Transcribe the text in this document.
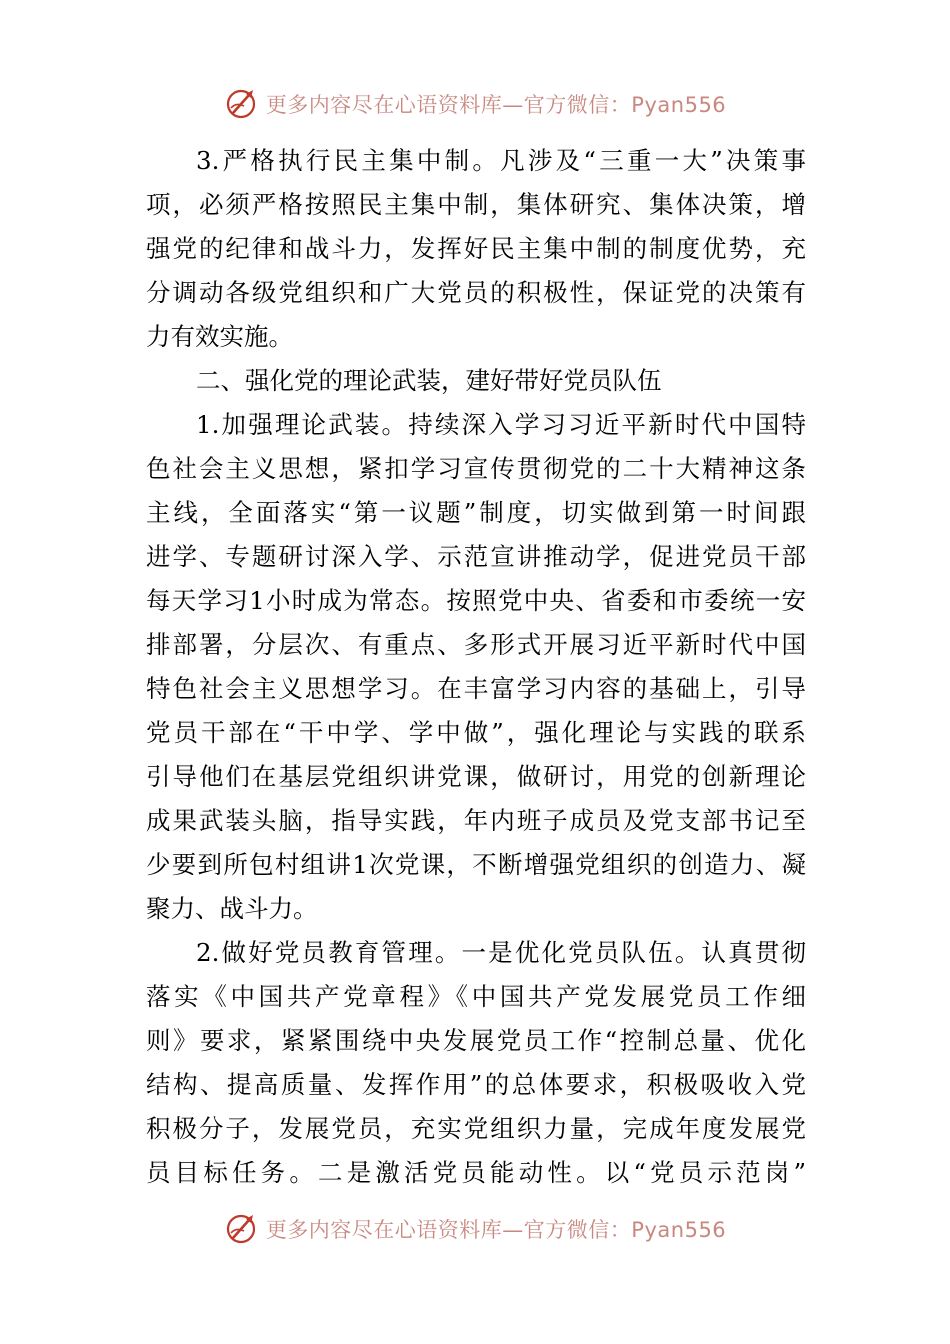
更多内容尽在心语资料库—官方微信：Pyan556
3.严格执行民主集中制。凡涉及“三重一大”决策事
项，必须严格按照民主集中制，集体研究、集体决策，增
强党的纪律和战斗力，发挥好民主集中制的制度优势，充
分调动各级党组织和广大党员的积极性，保证党的决策有
力有效实施。
二、强化党的理论武装，建好带好党员队伍
1.加强理论武装。持续深入学习习近平新时代中国特
色社会主义思想，紧扣学习宣传贯彻党的二十大精神这条
主线，全面落实“第一议题”制度，切实做到第一时间跟
进学、专题研讨深入学、示范宣讲推动学，促进党员干部
每天学习1小时成为常态。按照党中央、省委和市委统一安
排部署，分层次、有重点、多形式开展习近平新时代中国
特色社会主义思想学习。在丰富学习内容的基础上，引导
党员干部在“干中学、学中做”，强化理论与实践的联系
引导他们在基层党组织讲党课，做研讨，用党的创新理论
成果武装头脑，指导实践，年内班子成员及党支部书记至
少要到所包村组讲1次党课，不断增强党组织的创造力、凝
聚力、战斗力。
2.做好党员教育管理。一是优化党员队伍。认真贯彻
落实《中国共产党章程》《中国共产党发展党员工作细
则》要求，紧紧围绕中央发展党员工作“控制总量、优化
结构、提高质量、发挥作用”的总体要求，积极吸收入党
积极分子，发展党员，充实党组织力量，完成年度发展党
员目标任务。二是激活党员能动性。以“党员示范岗”
更多内容尽在心语资料库—官方微信：Pyan556
